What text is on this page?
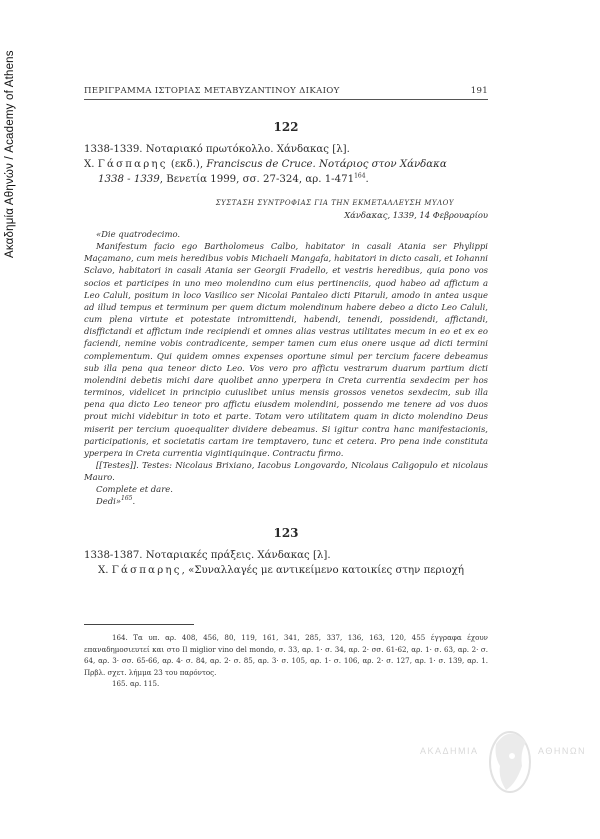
Ακαδημία Αθηνών / Academy of Athens	ΠΕΡΙΓΡΑΜΜΑ ΙΣΤΟΡΙΑΣ ΜΕΤΑΒΥΖΑΝΤΙΝΟΥ ΔΙΚΑΙΟΥ	191
122
1338-1339. Νοταριακό πρωτόκολλο. Χάνδακας [λ].
Χ. Γάσπαρης (εκδ.), Franciscus de Cruce. Νοτάριος στον Χάνδακα
1338 - 1339, Βενετία 1999, σσ. 27-324, αρ. $1-471^{164}$.
ΣΥΣΤΑΣΗ ΣΥΝΤΡΟΦΙΑΣ ΓΙΑ ΤΗΝ ΕΚΜΕΤΑΛΛΕΥΣΗ ΜΥΛΟΥ
Χάνδακας, 1339, 14 Φεβρουαρίου

«Die quatrodecimo.

Manifestum facio ego Bartholomeus Calbo, habitator in casali Atania ser Phylippi Maçamano, cum meis heredibus vobis Michaeli Mangafa, habitatori in dicto casali, et Iohanni Sclavo, habitatori in casali Atania ser Georgii Fradello, et vestris heredibus, quia pono vos socios et participes in uno meo molendino cum eius pertinenciis, quod habeo ad affictum a Leo Caluli, positum in loco Vasilico ser Nicolai Pantaleo dicti Pitaruli, amodo in antea usque ad illud tempus et terminum per quem dictum molendinum habere debeo a dicto Leo Caluli, cum plena virtute et potestate intromittendi, habendi, tenendi, possidendi, affictandi, disffictandi et affictum inde recipiendi et omnes alias vestras utilitates mecum in eo et ex eo faciendi, nemine vobis contradicente, semper tamen cum eius onere usque ad dicti termini complementum. Qui quidem omnes expenses oportune simul per tercium facere debeamus sub illa pena qua teneor dicto Leo. Vos vero pro affictu vestrarum duarum partium dicti molendini debetis michi dare quolibet anno yperpera in Creta currentia sexdecim per hos terminos, videlicet in principio cuiuslibet unius mensis grossos venetos sexdecim, sub illa pena qua dicto Leo teneor pro affictu eiusdem molendini, possendo me tenere ad vos duos prout michi videbitur in toto et parte. Totam vero utilitatem quam in dicto molendino Deus miserit per tercium quoequaliter dividere debeamus. Si igitur contra hanc manifestacionis, participationis, et societatis cartam ire temptavero, tunc et cetera. Pro pena inde constituta yperpera in Creta currentia vigintiquinque. Contractu firmo.

[[Testes]]. Testes: Nicolaus Brixiano, Iacobus Longovardo, Nicolaus Caligopulo et nicolaus Mauro.

Complete et dare.

Dedi»$^{165}$.

123
1338-1387. Νοταριακές πράξεις. Χάνδακας [λ].
Χ. Γάσπαρης, «Συναλλαγές με αντικείμενο κατοικίες στην περιοχή

164. Τα υπ. αρ. 408, 456, 80, 119, 161, 341, 285, 337, 136, 163, 120, 455 έγγραφα έχουν επαναδημοσιευτεί και στο Il miglior vino del mondo, σ. 33, αρ. 1· σ. 34, αρ. 2· σσ. 61-62, αρ. 1· σ. 63, αρ. 2· σ. 64, αρ. 3· σσ. 65-66, αρ. 4· σ. 84, αρ. 2· σ. 85, αρ. 3· σ. 105, αρ. 1· σ. 106, αρ. 2· σ. 127, αρ. 1· σ. 139, αρ. 1. Πρβλ. σχετ. λήμμα 23 του παρόντος.

165. αρ. 115.

ΑΚΑΔΗΜΙΑ	ΑΘΗΝΩΝ
